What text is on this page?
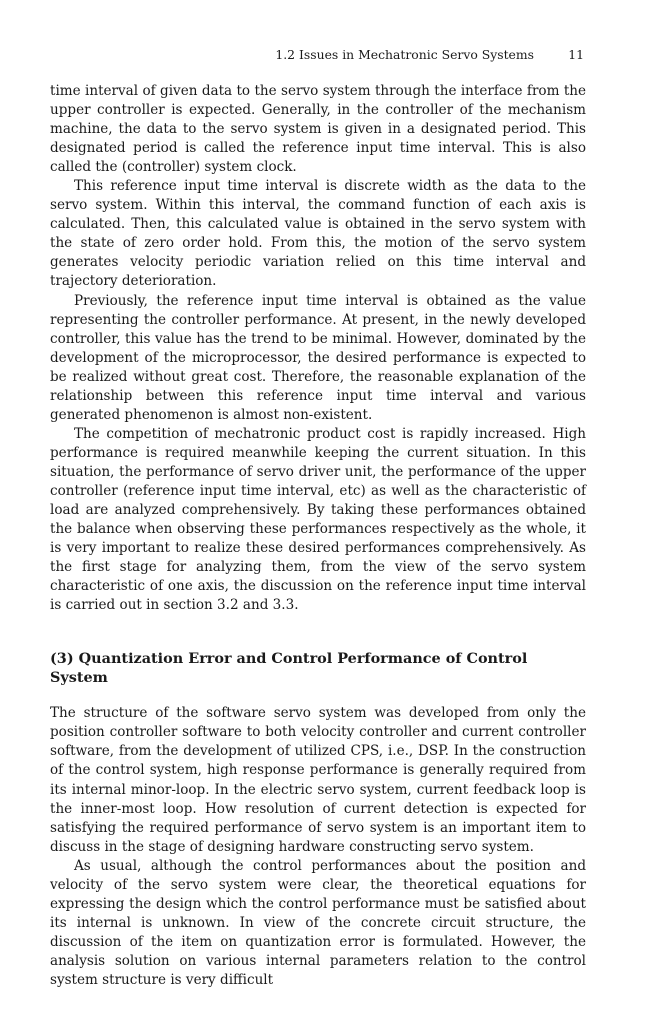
1.2 Issues in Mechatronic Servo Systems	11

time interval of given data to the servo system through the interface from the upper controller is expected. Generally, in the controller of the mechanism machine, the data to the servo system is given in a designated period. This designated period is called the reference input time interval. This is also called the (controller) system clock.

This reference input time interval is discrete width as the data to the servo system. Within this interval, the command function of each axis is calculated. Then, this calculated value is obtained in the servo system with the state of zero order hold. From this, the motion of the servo system generates velocity periodic variation relied on this time interval and trajectory deterioration.

Previously, the reference input time interval is obtained as the value representing the controller performance. At present, in the newly developed controller, this value has the trend to be minimal. However, dominated by the development of the microprocessor, the desired performance is expected to be realized without great cost. Therefore, the reasonable explanation of the relationship between this reference input time interval and various generated phenomenon is almost non-existent.

The competition of mechatronic product cost is rapidly increased. High performance is required meanwhile keeping the current situation. In this situation, the performance of servo driver unit, the performance of the upper controller (reference input time interval, etc) as well as the characteristic of load are analyzed comprehensively. By taking these performances obtained the balance when observing these performances respectively as the whole, it is very important to realize these desired performances comprehensively. As the first stage for analyzing them, from the view of the servo system characteristic of one axis, the discussion on the reference input time interval is carried out in section 3.2 and 3.3.

(3) Quantization Error and Control Performance of Control System

The structure of the software servo system was developed from only the position controller software to both velocity controller and current controller software, from the development of utilized CPS, i.e., DSP. In the construction of the control system, high response performance is generally required from its internal minor-loop. In the electric servo system, current feedback loop is the inner-most loop. How resolution of current detection is expected for satisfying the required performance of servo system is an important item to discuss in the stage of designing hardware constructing servo system.

As usual, although the control performances about the position and velocity of the servo system were clear, the theoretical equations for expressing the design which the control performance must be satisfied about its internal is unknown. In view of the concrete circuit structure, the discussion of the item on quantization error is formulated. However, the analysis solution on various internal parameters relation to the control system structure is very difficult
